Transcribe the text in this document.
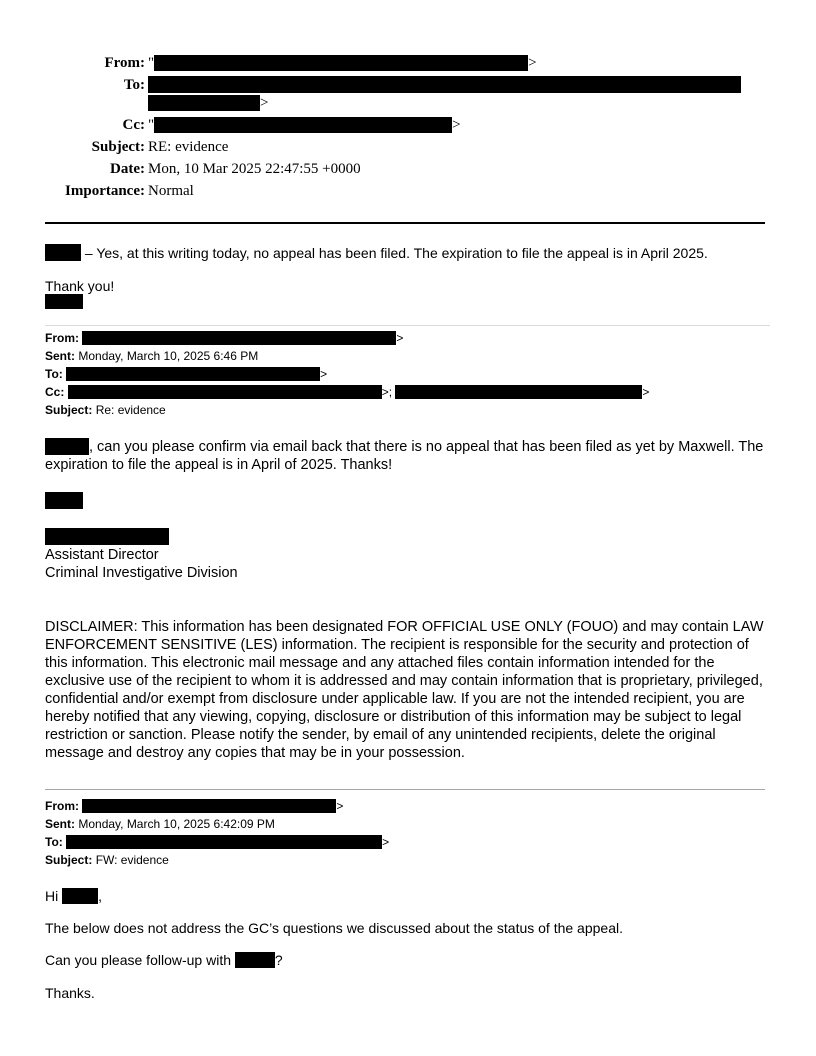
From: "	>
To:
>
Cc: "	>
Subject: RE: evidence
Date: Mon, 10 Mar 2025 22:47:55 +0000
Importance: Normal
– Yes, at this writing today, no appeal has been filed. The expiration to file the appeal is in April 2025.
Thank you!
From:	>
Sent: Monday, March 10, 2025 6:46 PM
To:	>
Cc:	>;	>
Subject: Re: evidence
, can you please confirm via email back that there is no appeal that has been filed as yet by Maxwell. The expiration to file the appeal is in April of 2025. Thanks!
Assistant Director
Criminal Investigative Division
DISCLAIMER: This information has been designated FOR OFFICIAL USE ONLY (FOUO) and may contain LAW ENFORCEMENT SENSITIVE (LES) information. The recipient is responsible for the security and protection of this information. This electronic mail message and any attached files contain information intended for the exclusive use of the recipient to whom it is addressed and may contain information that is proprietary, privileged, confidential and/or exempt from disclosure under applicable law. If you are not the intended recipient, you are hereby notified that any viewing, copying, disclosure or distribution of this information may be subject to legal restriction or sanction. Please notify the sender, by email of any unintended recipients, delete the original message and destroy any copies that may be in your possession.
From:	>
Sent: Monday, March 10, 2025 6:42:09 PM
To:	>
Subject: FW: evidence
Hi	,
The below does not address the GC’s questions we discussed about the status of the appeal.
Can you please follow-up with	?
Thanks.
